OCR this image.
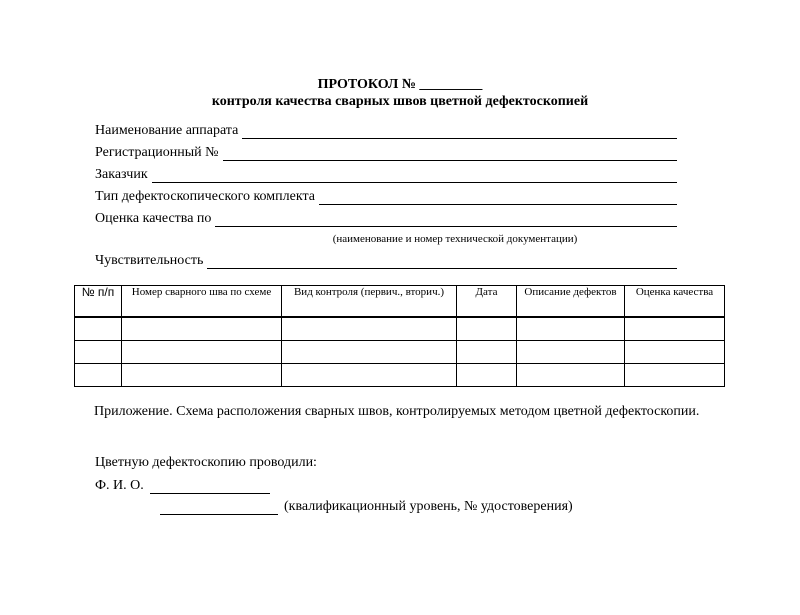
ПРОТОКОЛ № _________
контроля качества сварных швов цветной дефектоскопией
Наименование аппарата
Регистрационный №
Заказчик
Тип дефектоскопического комплекта
Оценка качества по
(наименование и номер технической документации)
Чувствительность
№ п/п	Номер сварного шва по схеме	Вид контроля (первич., вторич.)	Дата	Описание дефектов	Оценка качества

Приложение. Схема расположения сварных швов, контролируемых методом цветной дефектоскопии.
Цветную дефектоскопию проводили:
Ф. И. О.
(квалификационный уровень, № удостоверения)
